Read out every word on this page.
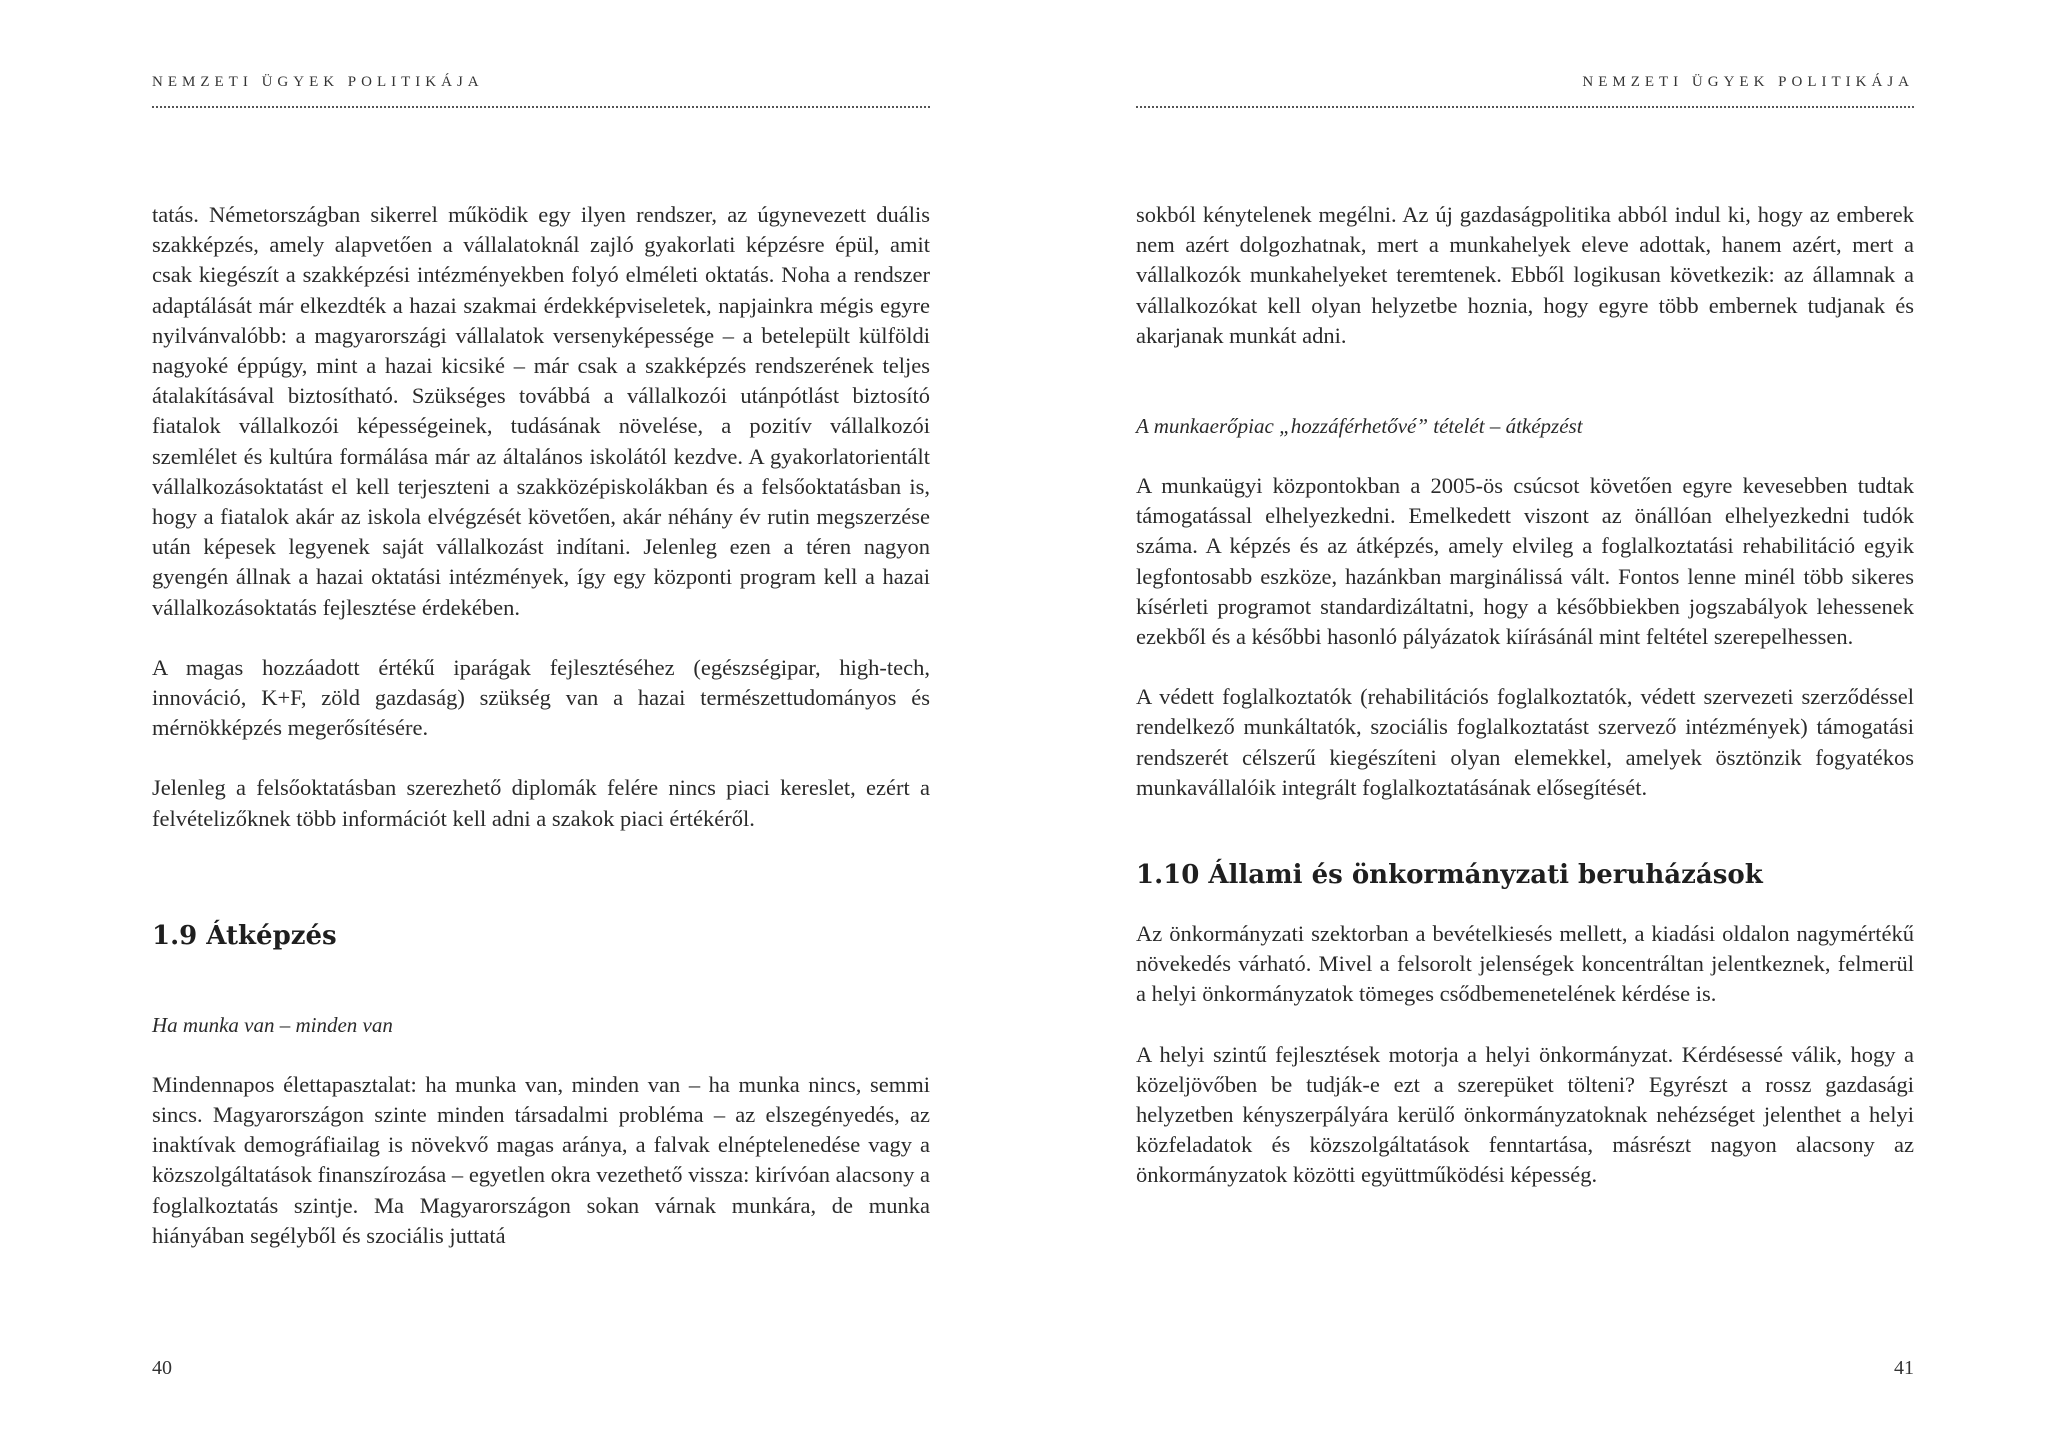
NEMZETI ÜGYEK POLITIKÁJA

tatás. Németországban sikerrel működik egy ilyen rendszer, az úgynevezett duális szakképzés, amely alapvetően a vállalatoknál zajló gyakorlati képzésre épül, amit csak kiegészít a szakképzési intézményekben folyó elméleti oktatás. Noha a rendszer adaptálását már elkezdték a hazai szakmai érdekképviseletek, napjainkra mégis egyre nyilvánvalóbb: a magyarországi vállalatok versenyképessége – a betelepült külföldi nagyoké éppúgy, mint a hazai kicsiké – már csak a szakképzés rendszerének teljes átalakításával biztosítható. Szükséges továbbá a vállalkozói utánpótlást biztosító fiatalok vállalkozói képességeinek, tudásának növelése, a pozitív vállalkozói szemlélet és kultúra formálása már az általános iskolától kezdve. A gyakorlatorientált vállalkozásoktatást el kell terjeszteni a szakközépiskolákban és a felsőoktatásban is, hogy a fiatalok akár az iskola elvégzését követően, akár néhány év rutin megszerzése után képesek legyenek saját vállalkozást indítani. Jelenleg ezen a téren nagyon gyengén állnak a hazai oktatási intézmények, így egy központi program kell a hazai vállalkozásoktatás fejlesztése érdekében.

A magas hozzáadott értékű iparágak fejlesztéséhez (egészségipar, high-tech, innováció, K+F, zöld gazdaság) szükség van a hazai természettudományos és mérnökképzés megerősítésére.

Jelenleg a felsőoktatásban szerezhető diplomák felére nincs piaci kereslet, ezért a felvételizőknek több információt kell adni a szakok piaci értékéről.

1.9 Átképzés

Ha munka van – minden van

Mindennapos élettapasztalat: ha munka van, minden van – ha munka nincs, semmi sincs. Magyarországon szinte minden társadalmi probléma – az elszegényedés, az inaktívak demográfiailag is növekvő magas aránya, a falvak elnéptelenedése vagy a közszolgáltatások finanszírozása – egyetlen okra vezethető vissza: kirívóan alacsony a foglalkoztatás szintje. Ma Magyarországon sokan várnak munkára, de munka hiányában segélyből és szociális juttatá

40
NEMZETI ÜGYEK POLITIKÁJA

sokból kénytelenek megélni. Az új gazdaságpolitika abból indul ki, hogy az emberek nem azért dolgozhatnak, mert a munkahelyek eleve adottak, hanem azért, mert a vállalkozók munkahelyeket teremtenek. Ebből logikusan következik: az államnak a vállalkozókat kell olyan helyzetbe hoznia, hogy egyre több embernek tudjanak és akarjanak munkát adni.

A munkaerőpiac „hozzáférhetővé” tételét – átképzést

A munkaügyi központokban a 2005-ös csúcsot követően egyre kevesebben tudtak támogatással elhelyezkedni. Emelkedett viszont az önállóan elhelyezkedni tudók száma. A képzés és az átképzés, amely elvileg a foglalkoztatási rehabilitáció egyik legfontosabb eszköze, hazánkban marginálissá vált. Fontos lenne minél több sikeres kísérleti programot standardizáltatni, hogy a későbbiekben jogszabályok lehessenek ezekből és a későbbi hasonló pályázatok kiírásánál mint feltétel szerepelhessen.

A védett foglalkoztatók (rehabilitációs foglalkoztatók, védett szervezeti szerződéssel rendelkező munkáltatók, szociális foglalkoztatást szervező intézmények) támogatási rendszerét célszerű kiegészíteni olyan elemekkel, amelyek ösztönzik fogyatékos munkavállalóik integrált foglalkoztatásának elősegítését.

1.10 Állami és önkormányzati beruházások

Az önkormányzati szektorban a bevételkiesés mellett, a kiadási oldalon nagymértékű növekedés várható. Mivel a felsorolt jelenségek koncentráltan jelentkeznek, felmerül a helyi önkormányzatok tömeges csődbemenetelének kérdése is.

A helyi szintű fejlesztések motorja a helyi önkormányzat. Kérdésessé válik, hogy a közeljövőben be tudják-e ezt a szerepüket tölteni? Egyrészt a rossz gazdasági helyzetben kényszerpályára kerülő önkormányzatoknak nehézséget jelenthet a helyi közfeladatok és közszolgáltatások fenntartása, másrészt nagyon alacsony az önkormányzatok közötti együttműködési képesség.

41
